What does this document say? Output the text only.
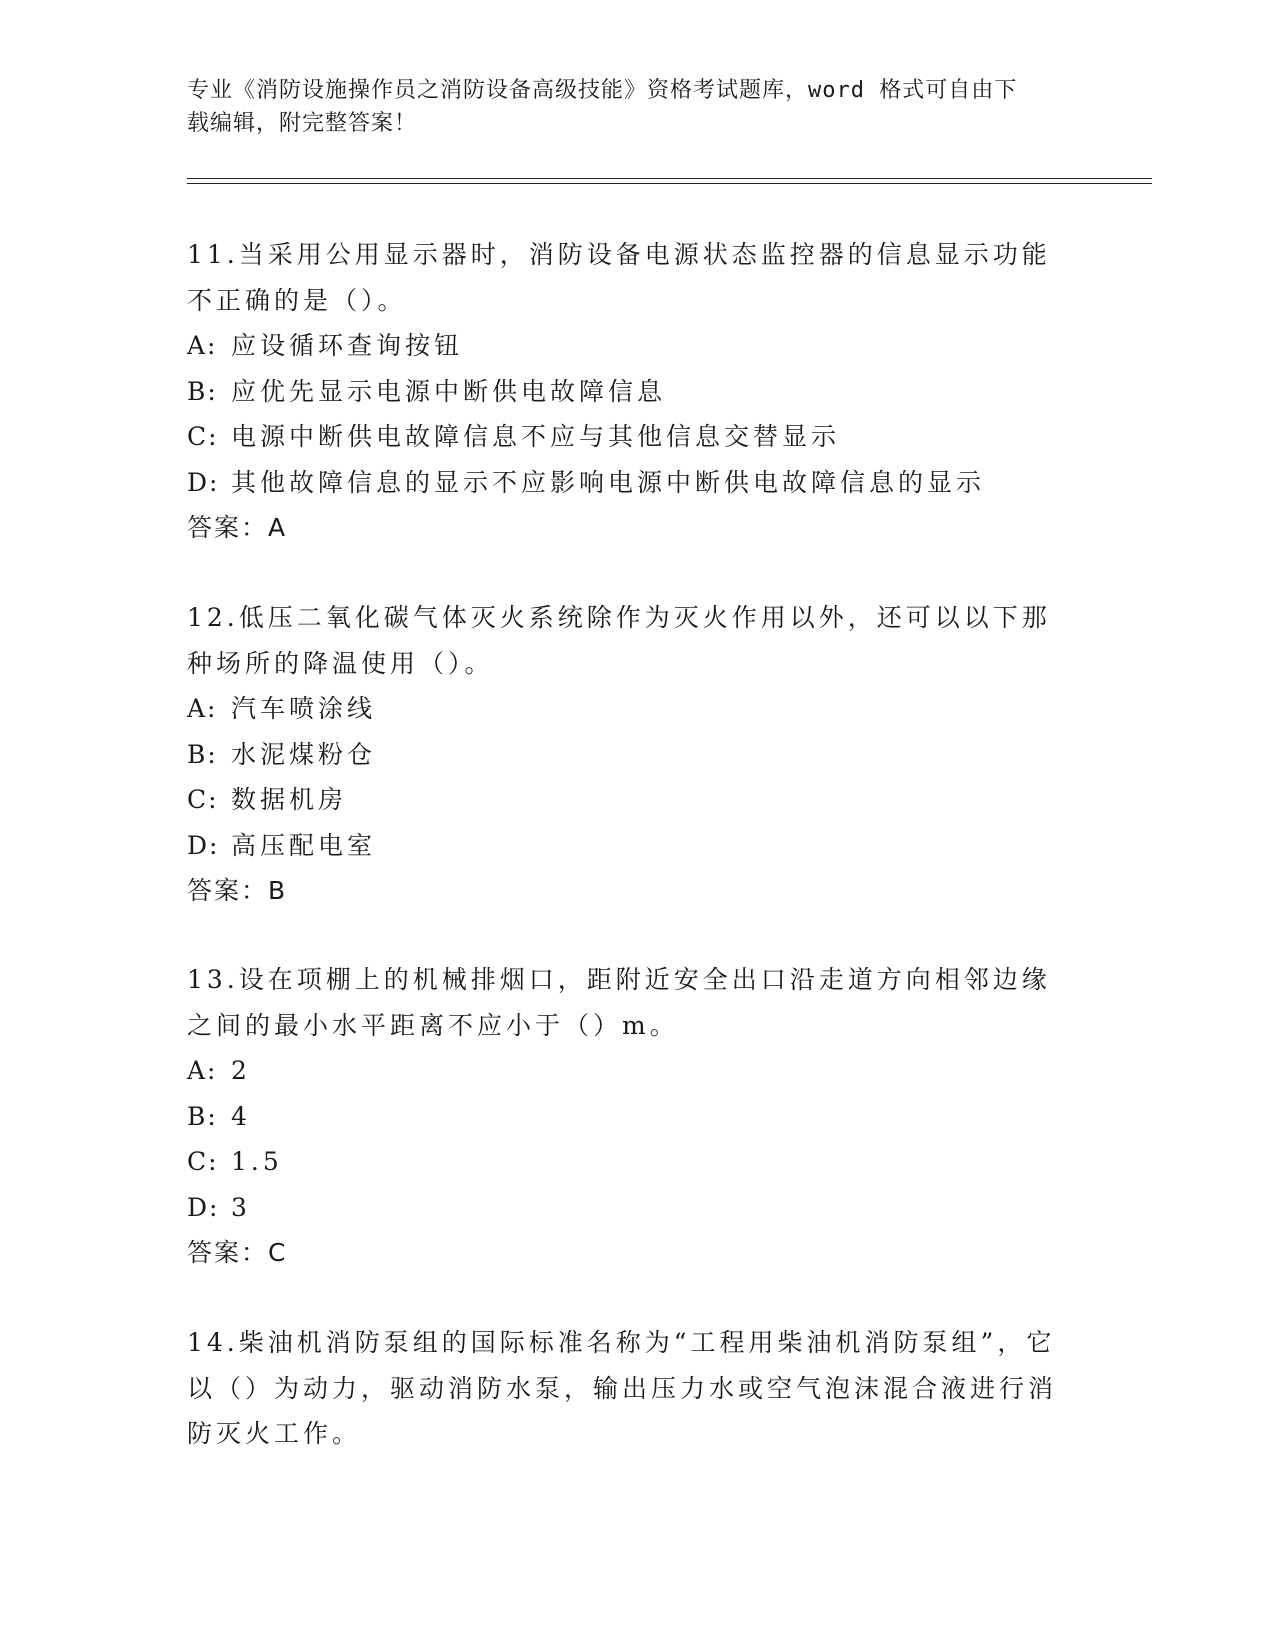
专业《消防设施操作员之消防设备高级技能》资格考试题库，word 格式可自由下
载编辑，附完整答案！
11.当采用公用显示器时，消防设备电源状态监控器的信息显示功能不正确的是（）。
A: 应设循环查询按钮
B: 应优先显示电源中断供电故障信息
C: 电源中断供电故障信息不应与其他信息交替显示
D: 其他故障信息的显示不应影响电源中断供电故障信息的显示
答案：A
12.低压二氧化碳气体灭火系统除作为灭火作用以外，还可以以下那种场所的降温使用（）。
A: 汽车喷涂线
B: 水泥煤粉仓
C: 数据机房
D: 高压配电室
答案：B
13.设在项棚上的机械排烟口，距附近安全出口沿走道方向相邻边缘之间的最小水平距离不应小于（）m。
A: 2
B: 4
C: 1.5
D: 3
答案：C
14.柴油机消防泵组的国际标准名称为“工程用柴油机消防泵组”，它以（）为动力，驱动消防水泵，输出压力水或空气泡沫混合液进行消防灭火工作。
